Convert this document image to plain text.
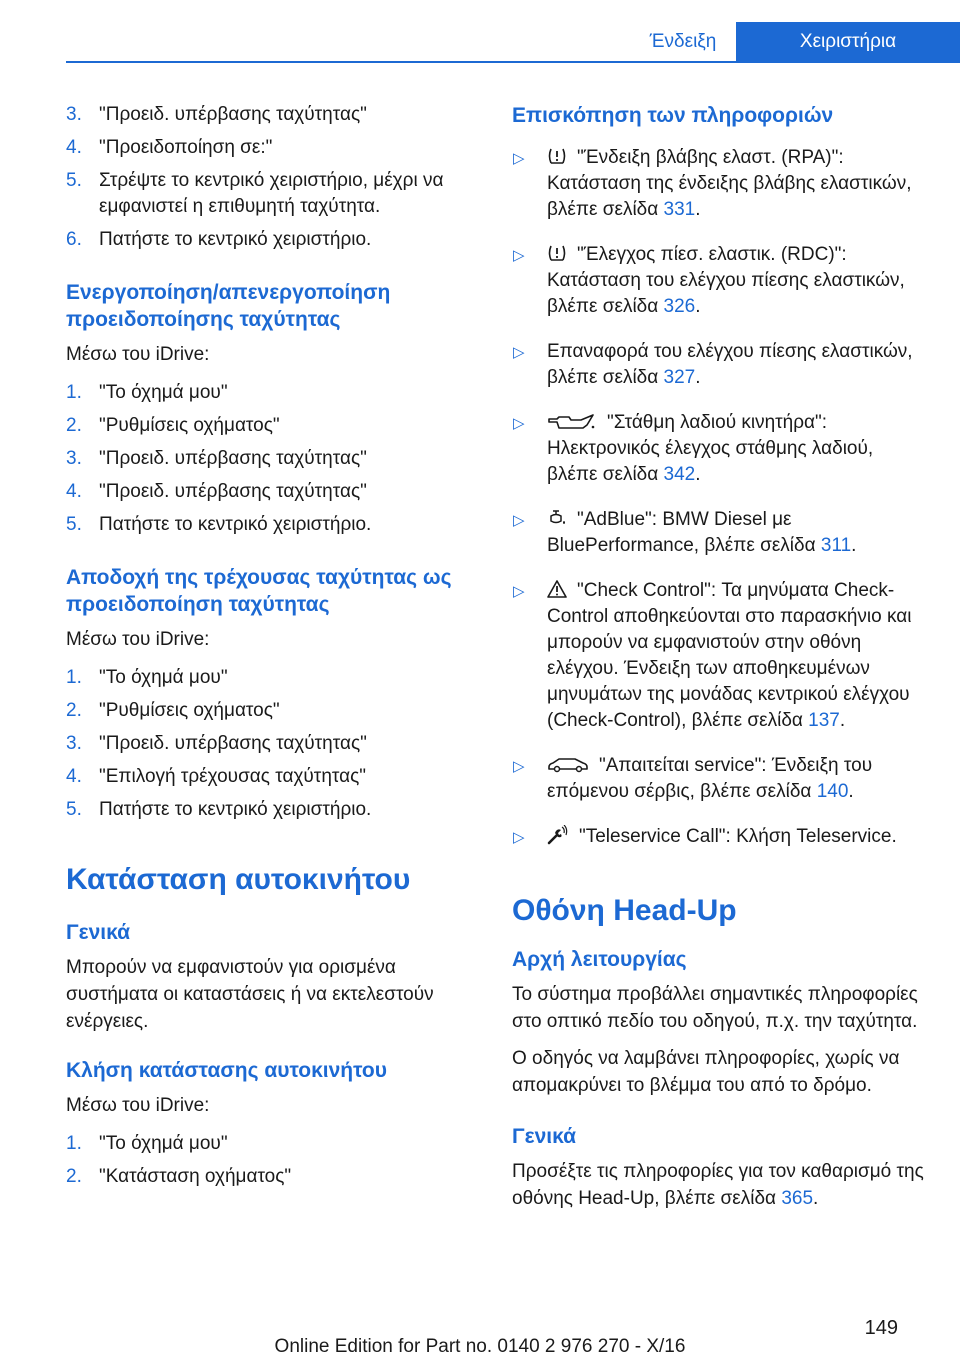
Ένδειξη	Χειριστήρια
3. "Προειδ. υπέρβασης ταχύτητας"
4. "Προειδοποίηση σε:"
5. Στρέψτε το κεντρικό χειριστήριο, μέχρι να εμφανιστεί η επιθυμητή ταχύτητα.
6. Πατήστε το κεντρικό χειριστήριο.
Ενεργοποίηση/απενεργοποίηση προειδοποίησης ταχύτητας
Μέσω του iDrive:
1. "Το όχημά μου"
2. "Ρυθμίσεις οχήματος"
3. "Προειδ. υπέρβασης ταχύτητας"
4. "Προειδ. υπέρβασης ταχύτητας"
5. Πατήστε το κεντρικό χειριστήριο.
Αποδοχή της τρέχουσας ταχύτητας ως προειδοποίηση ταχύτητας
Μέσω του iDrive:
1. "Το όχημά μου"
2. "Ρυθμίσεις οχήματος"
3. "Προειδ. υπέρβασης ταχύτητας"
4. "Επιλογή τρέχουσας ταχύτητας"
5. Πατήστε το κεντρικό χειριστήριο.
Κατάσταση αυτοκινήτου
Γενικά
Μπορούν να εμφανιστούν για ορισμένα συστήματα οι καταστάσεις ή να εκτελεστούν ενέργειες.
Κλήση κατάστασης αυτοκινήτου
Μέσω του iDrive:
1. "Το όχημά μου"
2. "Κατάσταση οχήματος"
Επισκόπηση των πληροφοριών
▷	"Ένδειξη βλάβης ελαστ. (RPA)": Κατάσταση της ένδειξης βλάβης ελαστικών, βλέπε σελίδα 331.
▷	"Έλεγχος πίεσ. ελαστικ. (RDC)": Κατάσταση του ελέγχου πίεσης ελαστικών, βλέπε σελίδα 326.
▷ Επαναφορά του ελέγχου πίεσης ελαστικών, βλέπε σελίδα 327.
▷	"Στάθμη λαδιού κινητήρα": Ηλεκτρονικός έλεγχος στάθμης λαδιού, βλέπε σελίδα 342.
▷	"AdBlue": BMW Diesel με BluePerformance, βλέπε σελίδα 311.
▷	"Check Control": Τα μηνύματα Check-Control αποθηκεύονται στο παρασκήνιο και μπορούν να εμφανιστούν στην οθόνη ελέγχου. Ένδειξη των αποθηκευμένων μηνυμάτων της μονάδας κεντρικού ελέγχου (Check-Control), βλέπε σελίδα 137.
▷	"Απαιτείται service": Ένδειξη του επόμενου σέρβις, βλέπε σελίδα 140.
▷	"Teleservice Call": Κλήση Teleservice.
Οθόνη Head-Up
Αρχή λειτουργίας
Το σύστημα προβάλλει σημαντικές πληροφορίες στο οπτικό πεδίο του οδηγού, π.χ. την ταχύτητα.
Ο οδηγός να λαμβάνει πληροφορίες, χωρίς να απομακρύνει το βλέμμα του από το δρόμο.
Γενικά
Προσέξτε τις πληροφορίες για τον καθαρισμό της οθόνης Head-Up, βλέπε σελίδα 365.
149
Online Edition for Part no. 0140 2 976 270 - X/16
